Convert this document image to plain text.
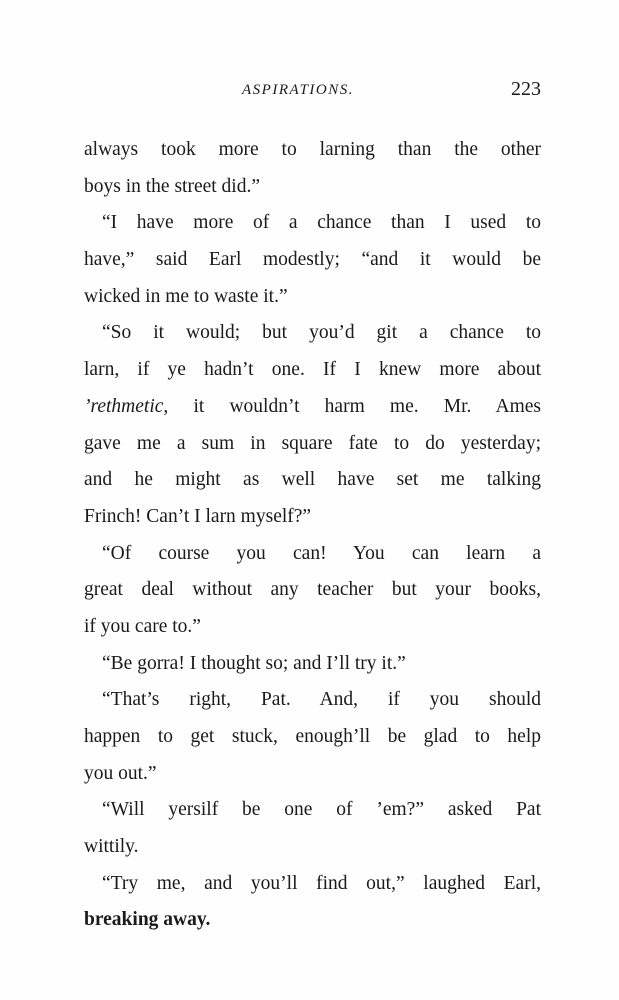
ASPIRATIONS.	223
always took more to larning than the other
boys in the street did.”
“I have more of a chance than I used to
have,” said Earl modestly; “and it would be
wicked in me to waste it.”
“So it would; but you’d git a chance to
larn, if ye hadn’t one. If I knew more about
’rethmetic, it wouldn’t harm me. Mr. Ames
gave me a sum in square fate to do yesterday;
and he might as well have set me talking
Frinch! Can’t I larn myself?”
“Of course you can! You can learn a
great deal without any teacher but your books,
if you care to.”
“Be gorra! I thought so; and I’ll try it.”
“That’s right, Pat. And, if you should
happen to get stuck, enough’ll be glad to help
you out.”
“Will yersilf be one of ’em?” asked Pat
wittily.
“Try me, and you’ll find out,” laughed Earl,
breaking away.
